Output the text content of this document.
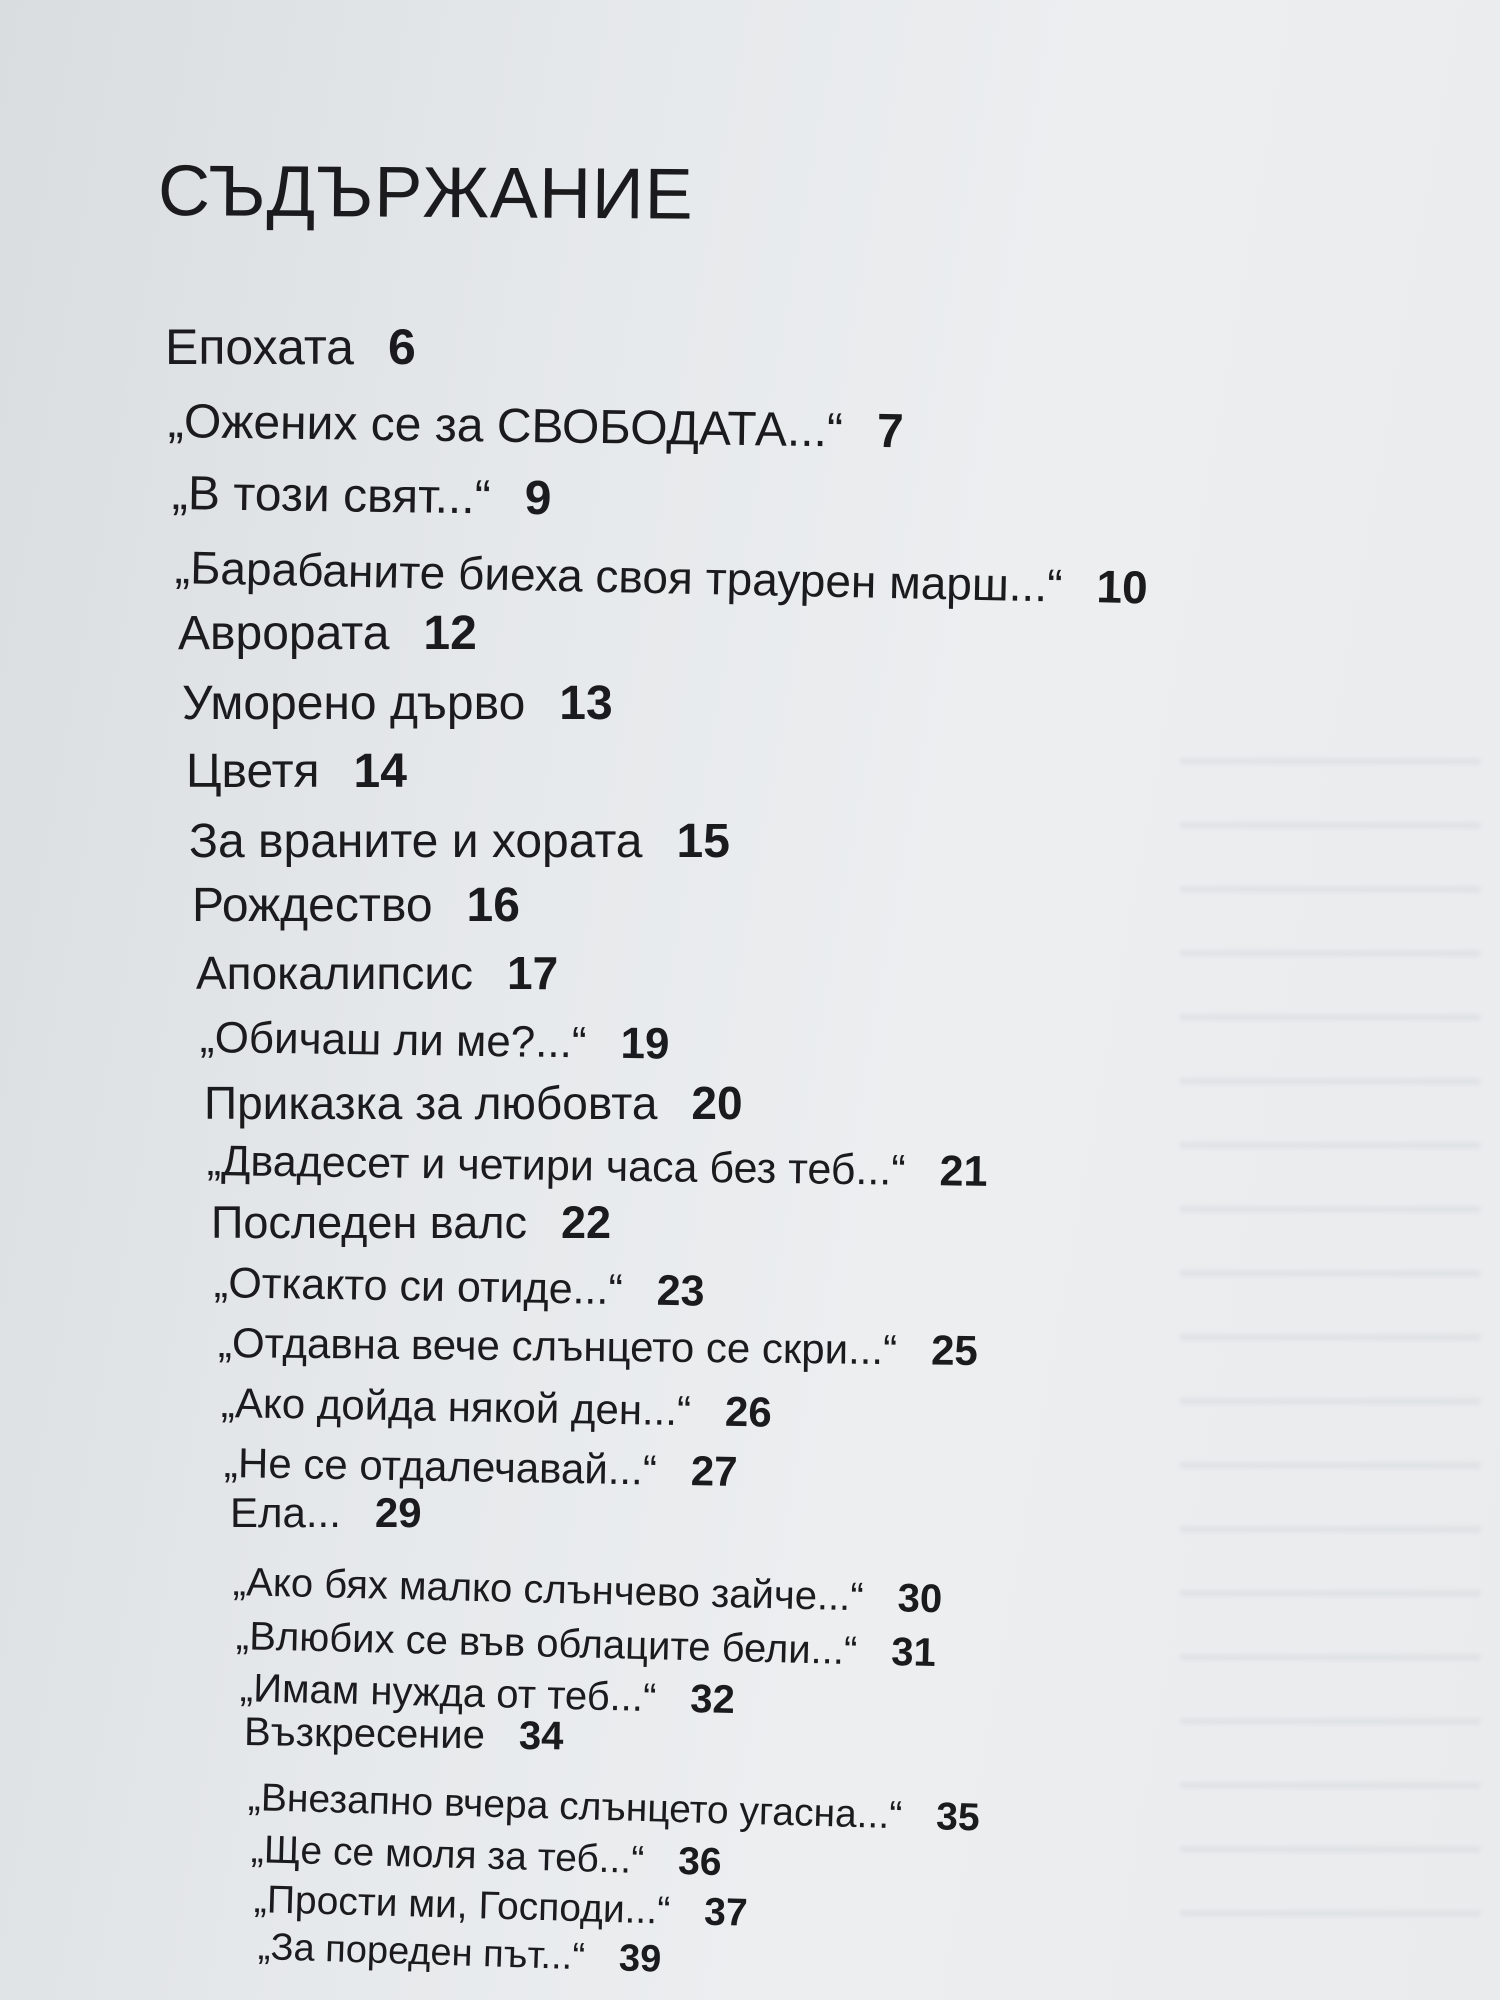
СЪДЪРЖАНИЕ
Епохата 6
„Ожених се за СВОБОДАТА...“ 7
„В този свят...“ 9
„Барабаните биеха своя траурен марш...“ 10
Аврората 12
Уморено дърво 13
Цветя 14
За враните и хората 15
Рождество 16
Апокалипсис 17
„Обичаш ли ме?...“ 19
Приказка за любовта 20
„Двадесет и четири часа без теб...“ 21
Последен валс 22
„Откакто си отиде...“ 23
„Отдавна вече слънцето се скри...“ 25
„Ако дойда някой ден...“ 26
„Не се отдалечавай...“ 27
Ела... 29
„Ако бях малко слънчево зайче...“ 30
„Влюбих се във облаците бели...“ 31
„Имам нужда от теб...“ 32
Възкресение 34
„Внезапно вчера слънцето угасна...“ 35
„Ще се моля за теб...“ 36
„Прости ми, Господи...“ 37
„За пореден път...“ 39
